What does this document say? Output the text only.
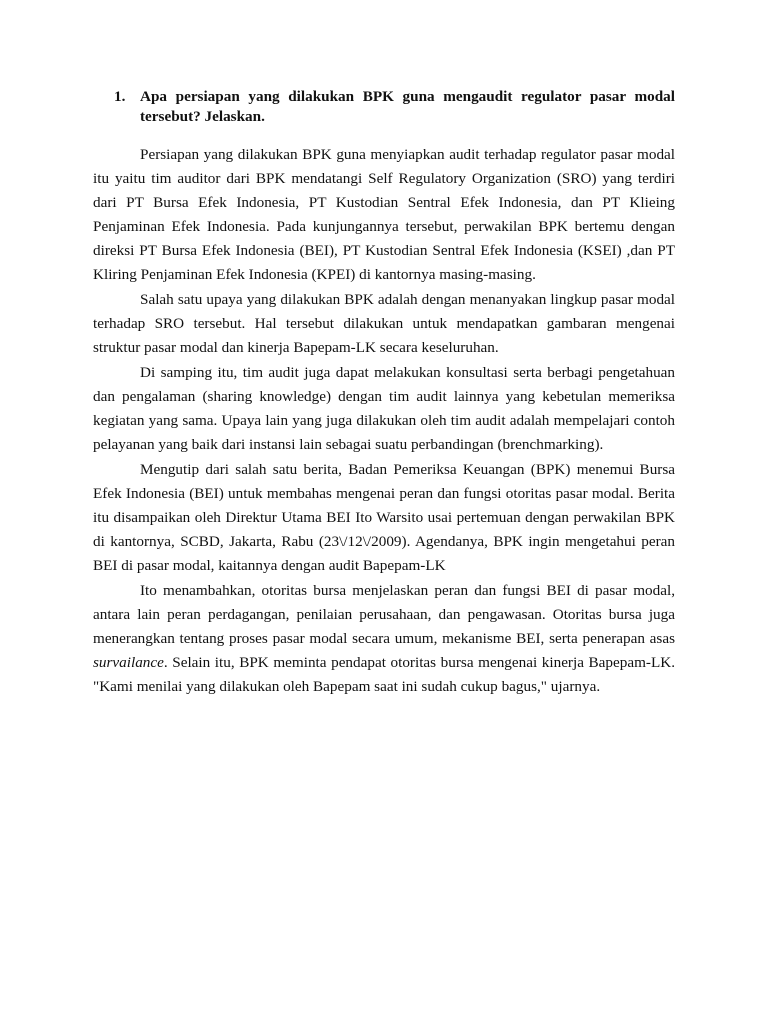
1. Apa persiapan yang dilakukan BPK guna mengaudit regulator pasar modal tersebut? Jelaskan.

Persiapan yang dilakukan BPK guna menyiapkan audit terhadap regulator pasar modal itu yaitu tim auditor dari BPK mendatangi Self Regulatory Organization (SRO) yang terdiri dari PT Bursa Efek Indonesia, PT Kustodian Sentral Efek Indonesia, dan PT Klieing Penjaminan Efek Indonesia. Pada kunjungannya tersebut, perwakilan BPK bertemu dengan direksi PT Bursa Efek Indonesia (BEI), PT Kustodian Sentral Efek Indonesia (KSEI) ,dan PT Kliring Penjaminan Efek Indonesia (KPEI) di kantornya masing-masing.

Salah satu upaya yang dilakukan BPK adalah dengan menanyakan lingkup pasar modal terhadap SRO tersebut. Hal tersebut dilakukan untuk mendapatkan gambaran mengenai struktur pasar modal dan kinerja Bapepam-LK secara keseluruhan.

Di samping itu, tim audit juga dapat melakukan konsultasi serta berbagi pengetahuan dan pengalaman (sharing knowledge) dengan tim audit lainnya yang kebetulan memeriksa kegiatan yang sama. Upaya lain yang juga dilakukan oleh tim audit adalah mempelajari contoh pelayanan yang baik dari instansi lain sebagai suatu perbandingan (brenchmarking).

Mengutip dari salah satu berita, Badan Pemeriksa Keuangan (BPK) menemui Bursa Efek Indonesia (BEI) untuk membahas mengenai peran dan fungsi otoritas pasar modal. Berita itu disampaikan oleh Direktur Utama BEI Ito Warsito usai pertemuan dengan perwakilan BPK di kantornya, SCBD, Jakarta, Rabu (23\/12\/2009). Agendanya, BPK ingin mengetahui peran BEI di pasar modal, kaitannya dengan audit Bapepam-LK

Ito menambahkan, otoritas bursa menjelaskan peran dan fungsi BEI di pasar modal, antara lain peran perdagangan, penilaian perusahaan, dan pengawasan. Otoritas bursa juga menerangkan tentang proses pasar modal secara umum, mekanisme BEI, serta penerapan asas survailance. Selain itu, BPK meminta pendapat otoritas bursa mengenai kinerja Bapepam-LK. "Kami menilai yang dilakukan oleh Bapepam saat ini sudah cukup bagus," ujarnya.
